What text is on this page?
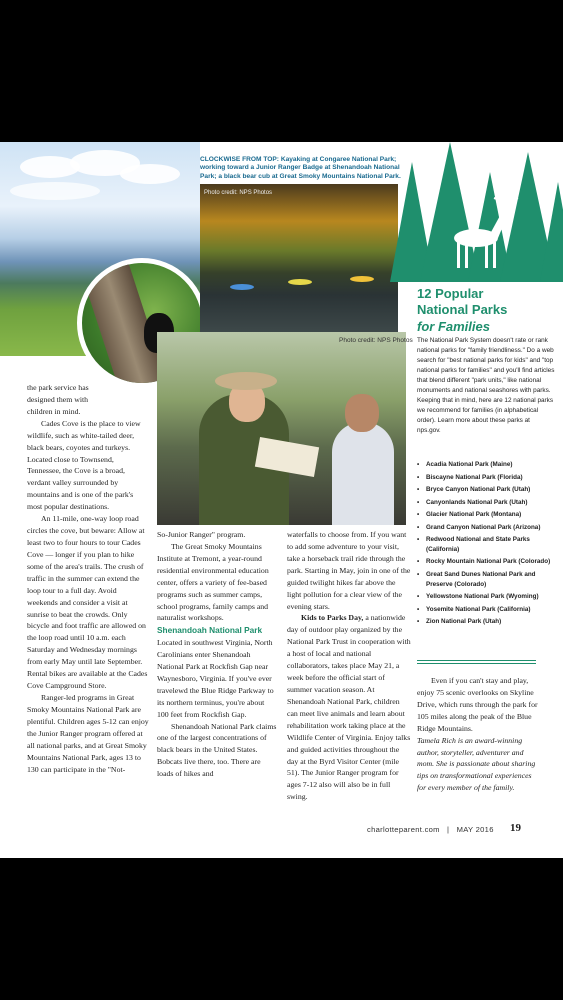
CLOCKWISE FROM TOP: Kayaking at Congaree National Park; working toward a Junior Ranger Badge at Shenandoah National Park; a black bear cub at Great Smoky Mountains National Park.
Photo credit: NPS Photos
Photo credit: NPS Photos
12 Popular
National Parks
for Families
The National Park System doesn't rate or rank national parks for "family friendliness." Do a web search for "best national parks for kids" and "top national parks for families" and you'll find articles that blend different "park units," like national monuments and national seashores with parks. Keeping that in mind, here are 12 national parks we recommend for families (in alphabetical order). Learn more about these parks at nps.gov.
• Acadia National Park (Maine)
• Biscayne National Park (Florida)
• Bryce Canyon National Park (Utah)
• Canyonlands National Park (Utah)
• Glacier National Park (Montana)
• Grand Canyon National Park (Arizona)
• Redwood National and State Parks (California)
• Rocky Mountain National Park (Colorado)
• Great Sand Dunes National Park and Preserve (Colorado)
• Yellowstone National Park (Wyoming)
• Yosemite National Park (California)
• Zion National Park (Utah)

the park service has designed them with children in mind.

Cades Cove is the place to view wildlife, such as white-tailed deer, black bears, coyotes and turkeys. Located close to Townsend, Tennessee, the Cove is a broad, verdant valley surrounded by mountains and is one of the park's most popular destinations.

An 11-mile, one-way loop road circles the cove, but beware: Allow at least two to four hours to tour Cades Cove — longer if you plan to hike some of the area's trails. The crush of traffic in the summer can extend the loop tour to a full day. Avoid weekends and consider a visit at sunrise to beat the crowds. Only bicycle and foot traffic are allowed on the loop road until 10 a.m. each Saturday and Wednesday mornings from early May until late September. Rental bikes are available at the Cades Cove Campground Store.

Ranger-led programs in Great Smoky Mountains National Park are plentiful. Children ages 5-12 can enjoy the Junior Ranger program offered at all national parks, and at Great Smoky Mountains National Park, ages 13 to 130 can participate in the "Not-

So-Junior Ranger" program.

The Great Smoky Mountains Institute at Tremont, a year-round residential environmental education center, offers a variety of fee-based programs such as summer camps, school programs, family camps and naturalist workshops.

Shenandoah National Park

Located in southwest Virginia, North Carolinians enter Shenandoah National Park at Rockfish Gap near Waynesboro, Virginia. If you've ever travelewd the Blue Ridge Parkway to its northern terminus, you're about 100 feet from Rockfish Gap.

Shenandoah National Park claims one of the largest concentrations of black bears in the United States. Bobcats live there, too. There are loads of hikes and

waterfalls to choose from. If you want to add some adventure to your visit, take a horseback trail ride through the park. Starting in May, join in one of the guided twilight hikes far above the light pollution for a clear view of the evening stars.

Kids to Parks Day, a nationwide day of outdoor play organized by the National Park Trust in cooperation with a host of local and national collaborators, takes place May 21, a week before the official start of summer vacation season. At Shenandoah National Park, children can meet live animals and learn about rehabilitation work taking place at the Wildlife Center of Virginia. Enjoy talks and guided activities throughout the day at the Byrd Visitor Center (mile 51). The Junior Ranger program for ages 7-12 also will also be in full swing.

Even if you can't stay and play, enjoy 75 scenic overlooks on Skyline Drive, which runs through the park for 105 miles along the peak of the Blue Ridge Mountains.

Tamela Rich is an award-winning author, storyteller, adventurer and mom. She is passionate about sharing tips on transformational experiences for every member of the family.

charlotteparent.com | MAY 2016 19
